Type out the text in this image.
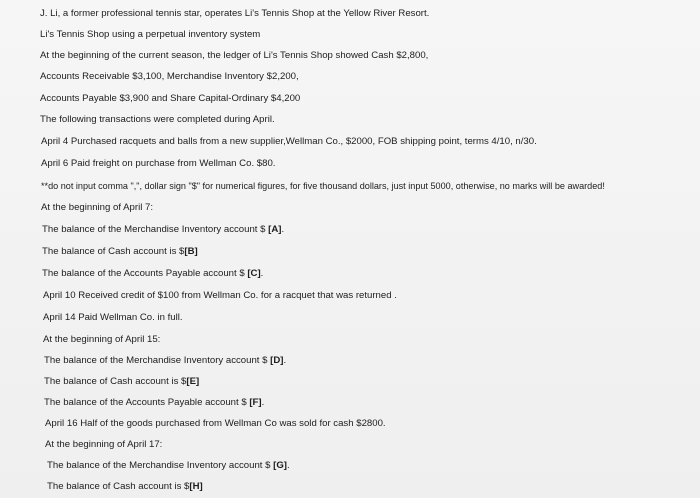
J. Li, a former professional tennis star, operates Li's Tennis Shop at the Yellow River Resort.
Li's Tennis Shop using a perpetual inventory system
At the beginning of the current season, the ledger of Li's Tennis Shop showed Cash $2,800,
Accounts Receivable $3,100, Merchandise Inventory $2,200,
Accounts Payable $3,900 and Share Capital-Ordinary $4,200
The following transactions were completed during April.
April 4 Purchased racquets and balls from a new supplier,Wellman Co., $2000, FOB shipping point, terms 4/10, n/30.
April 6 Paid freight on purchase from Wellman Co. $80.
**do not input comma ",", dollar sign "$" for numerical figures, for five thousand dollars, just input 5000, otherwise, no marks will be awarded!
At the beginning of April 7:
The balance of the Merchandise Inventory account $ [A].
The balance of Cash account is $[B]
The balance of the Accounts Payable account $ [C].
April 10 Received credit of $100 from Wellman Co. for a racquet that was returned .
April 14 Paid Wellman Co. in full.
At the beginning of April 15:
The balance of the Merchandise Inventory account $ [D].
The balance of Cash account is $[E]
The balance of the Accounts Payable account $ [F].
April 16 Half of the goods purchased from Wellman Co was sold for cash $2800.
At the beginning of April 17:
The balance of the Merchandise Inventory account $ [G].
The balance of Cash account is $[H]
